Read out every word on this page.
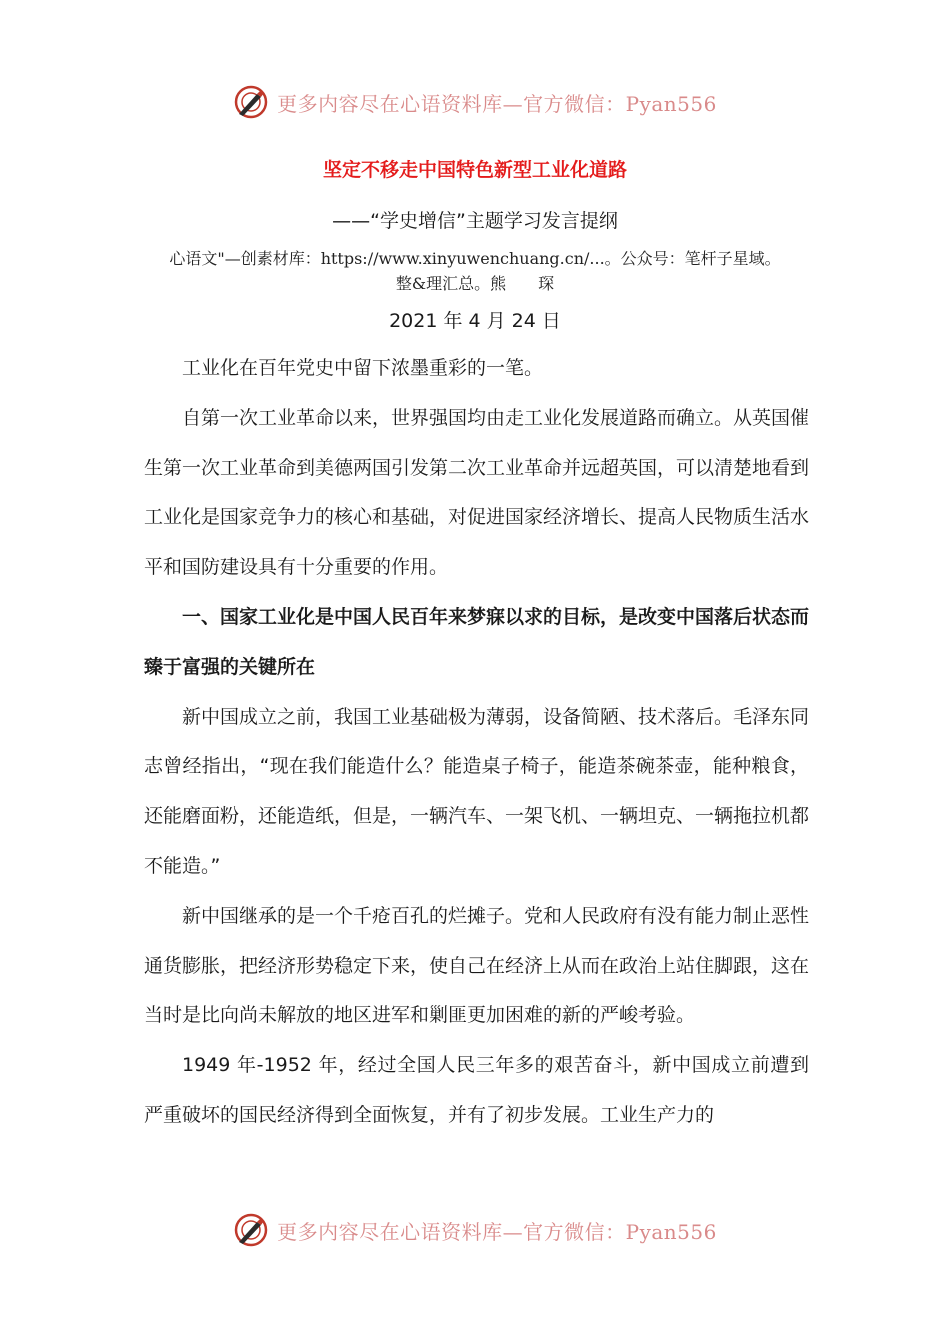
更多内容尽在心语资料库—官方微信：Pyan556
坚定不移走中国特色新型工业化道路
——“学史增信”主题学习发言提纲
心语文"—创素材库：https://www.xinyuwenchuang.cn/...。公众号：笔杆子星域。
整&理汇总。熊　　琛
2021 年 4 月 24 日

工业化在百年党史中留下浓墨重彩的一笔。

自第一次工业革命以来，世界强国均由走工业化发展道路而确立。从英国催生第一次工业革命到美德两国引发第二次工业革命并远超英国，可以清楚地看到工业化是国家竞争力的核心和基础，对促进国家经济增长、提高人民物质生活水平和国防建设具有十分重要的作用。

一、国家工业化是中国人民百年来梦寐以求的目标，是改变中国落后状态而臻于富强的关键所在

新中国成立之前，我国工业基础极为薄弱，设备简陋、技术落后。毛泽东同志曾经指出，“现在我们能造什么？能造桌子椅子，能造茶碗茶壶，能种粮食，还能磨面粉，还能造纸，但是，一辆汽车、一架飞机、一辆坦克、一辆拖拉机都不能造。”

新中国继承的是一个千疮百孔的烂摊子。党和人民政府有没有能力制止恶性通货膨胀，把经济形势稳定下来，使自己在经济上从而在政治上站住脚跟，这在当时是比向尚未解放的地区进军和剿匪更加困难的新的严峻考验。

1949 年-1952 年，经过全国人民三年多的艰苦奋斗，新中国成立前遭到严重破坏的国民经济得到全面恢复，并有了初步发展。工业生产力的

更多内容尽在心语资料库—官方微信：Pyan556
